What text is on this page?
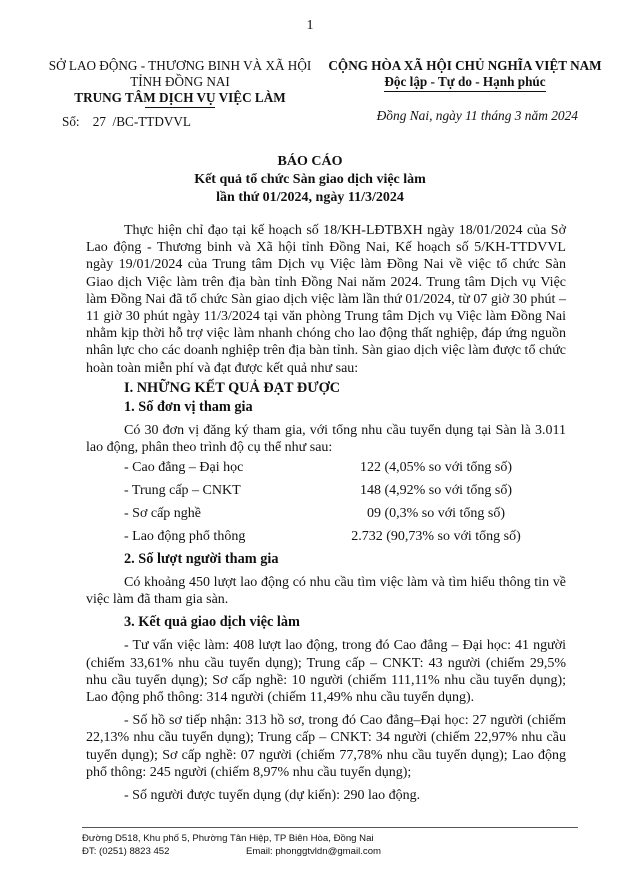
1
SỞ LAO ĐỘNG - THƯƠNG BINH VÀ XÃ HỘI
TỈNH ĐỒNG NAI
TRUNG TÂM DỊCH VỤ VIỆC LÀM
Số:    27  /BC-TTDVVL
CỘNG HÒA XÃ HỘI CHỦ NGHĨA VIỆT NAM
Độc lập - Tự do - Hạnh phúc
Đồng Nai, ngày 11 tháng 3 năm 2024
BÁO CÁO
Kết quả tổ chức Sàn giao dịch việc làm
lần thứ 01/2024, ngày 11/3/2024

Thực hiện chỉ đạo tại kế hoạch số 18/KH-LĐTBXH ngày 18/01/2024 của Sở Lao động - Thương binh và Xã hội tỉnh Đồng Nai, Kế hoạch số 5/KH-TTDVVL ngày 19/01/2024 của Trung tâm Dịch vụ Việc làm Đồng Nai về việc tổ chức Sàn Giao dịch Việc làm trên địa bàn tỉnh Đồng Nai năm 2024. Trung tâm Dịch vụ Việc làm Đồng Nai đã tổ chức Sàn giao dịch việc làm lần thứ 01/2024, từ 07 giờ 30 phút – 11 giờ 30 phút ngày 11/3/2024 tại văn phòng Trung tâm Dịch vụ Việc làm Đồng Nai nhằm kịp thời hỗ trợ việc làm nhanh chóng cho lao động thất nghiệp, đáp ứng nguồn nhân lực cho các doanh nghiệp trên địa bàn tỉnh. Sàn giao dịch việc làm được tổ chức hoàn toàn miễn phí và đạt được kết quả như sau:

I. NHỮNG KẾT QUẢ ĐẠT ĐƯỢC

1. Số đơn vị tham gia

Có 30 đơn vị đăng ký tham gia, với tổng nhu cầu tuyển dụng tại Sàn là 3.011 lao động, phân theo trình độ cụ thể như sau:

- Cao đẳng – Đại học	122 (4,05% so với tổng số)
- Trung cấp – CNKT	148 (4,92% so với tổng số)
- Sơ cấp nghề	09 (0,3% so với tổng số)
- Lao động phổ thông	2.732 (90,73% so với tổng số)

2. Số lượt người tham gia

Có khoảng 450 lượt lao động có nhu cầu tìm việc làm và tìm hiểu thông tin về việc làm đã tham gia sàn.

3. Kết quả giao dịch việc làm

- Tư vấn việc làm: 408 lượt lao động, trong đó Cao đẳng – Đại học: 41 người (chiếm 33,61% nhu cầu tuyển dụng); Trung cấp – CNKT: 43 người (chiếm 29,5% nhu cầu tuyển dụng); Sơ cấp nghề: 10 người (chiếm 111,11% nhu cầu tuyển dụng); Lao động phổ thông: 314 người (chiếm 11,49% nhu cầu tuyển dụng).

- Số hồ sơ tiếp nhận: 313 hồ sơ, trong đó Cao đẳng–Đại học: 27 người (chiếm 22,13% nhu cầu tuyển dụng); Trung cấp – CNKT: 34 người (chiếm 22,97% nhu cầu tuyển dụng); Sơ cấp nghề: 07 người (chiếm 77,78% nhu cầu tuyển dụng); Lao động phổ thông: 245 người (chiếm 8,97% nhu cầu tuyển dụng);

- Số người được tuyển dụng (dự kiến): 290 lao động.

Đường D518, Khu phố 5, Phường Tân Hiệp, TP Biên Hòa, Đồng Nai
ĐT: (0251) 8823 452	Email: phonggtvldn@gmail.com
